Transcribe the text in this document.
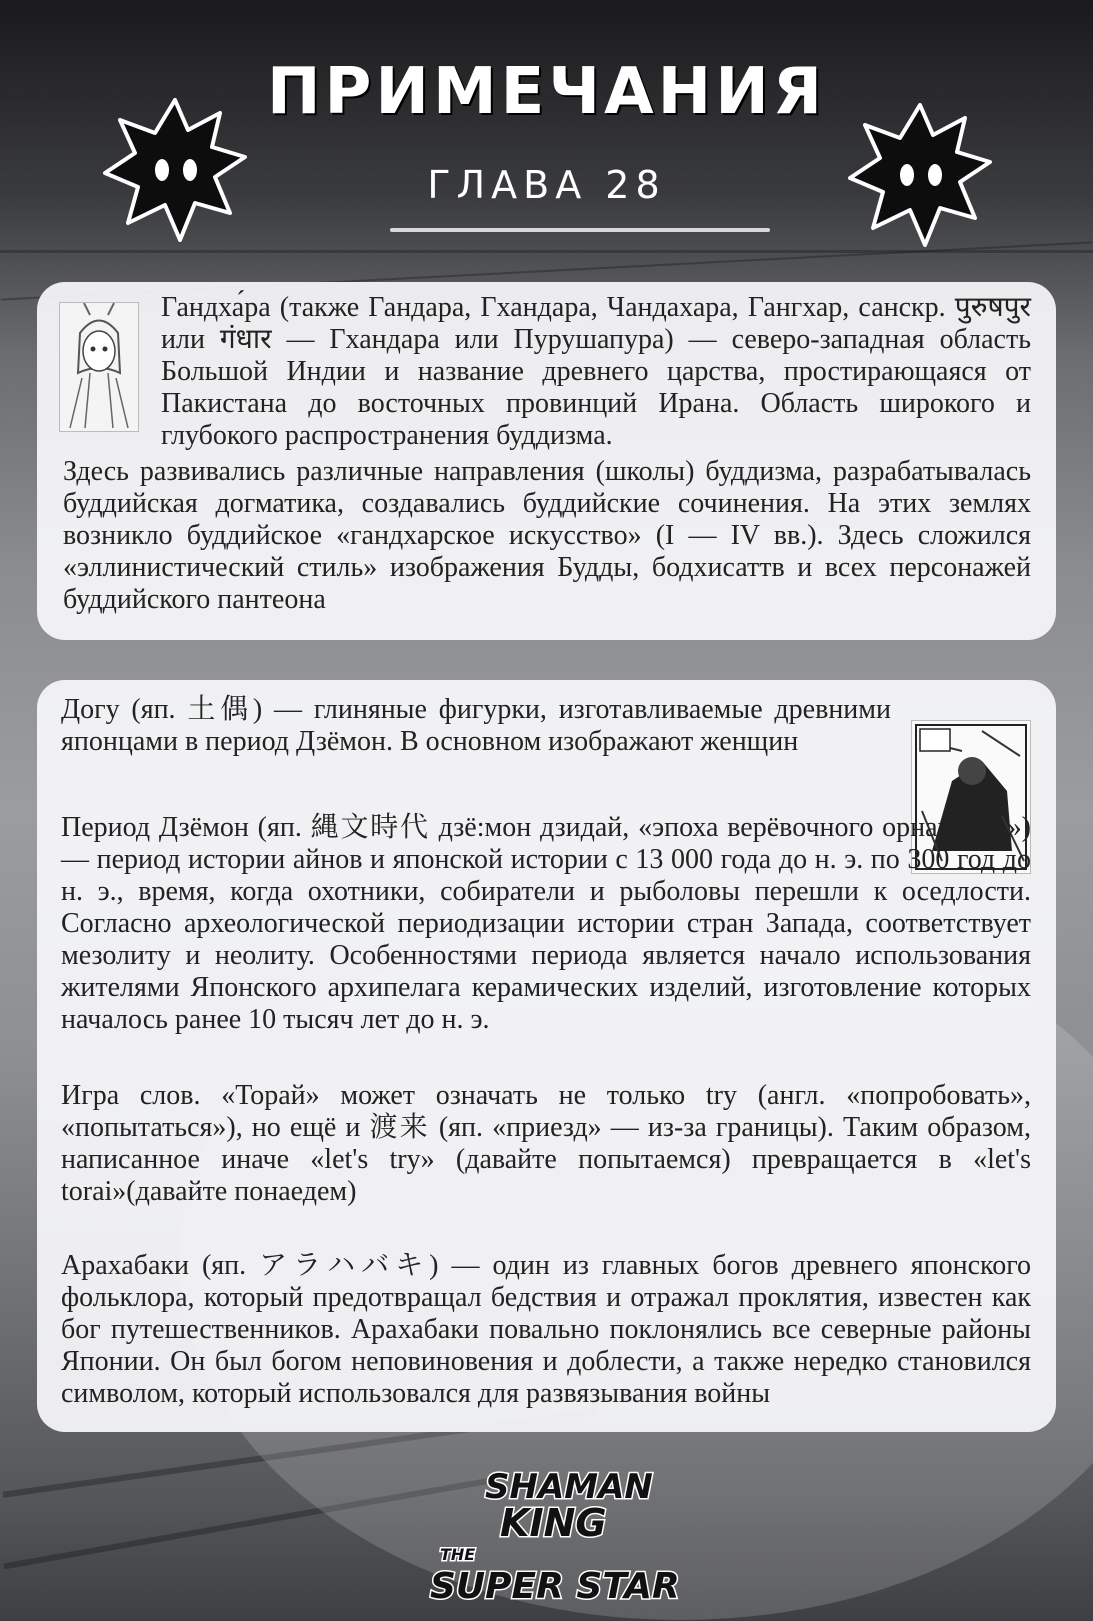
ПРИМЕЧАНИЯ
ГЛАВА 28

Гандха́ра (также Гандара, Гхандара, Чандахара, Гангхар, санскр. पुरुषपुर или गंधार — Гхандара или Пурушапура) — северо-западная область Большой Индии и название древнего царства, простирающаяся от Пакистана до восточных провинций Ирана. Область широкого и глубокого распространения буддизма.

Здесь развивались различные направления (школы) буддизма, разрабатывалась буддийская догматика, создавались буддийские сочинения. На этих землях возникло буддийское «гандхарское искусство» (I — IV вв.). Здесь сложился «эллинистический стиль» изображения Будды, бодхисаттв и всех персонажей буддийского пантеона

Догу (яп. 土偶) — глиняные фигурки, изготавливаемые древними японцами в период Дзёмон. В основном изображают женщин

Период Дзёмон (яп. 縄文時代 дзё:мон дзидай, «эпоха верёвочного орнамента») — период истории айнов и японской истории с 13 000 года до н. э. по 300 год до н. э., время, когда охотники, собиратели и рыболовы перешли к оседлости. Согласно археологической периодизации истории стран Запада, соответствует мезолиту и неолиту. Особенностями периода является начало использования жителями Японского архипелага керамических изделий, изготовление которых началось ранее 10 тысяч лет до н. э.

Игра слов. «Торай» может означать не только try (англ. «попробовать», «попытаться»), но ещё и 渡来 (яп. «приезд» — из-за границы). Таким образом, написанное иначе «let's try» (давайте попытаемся) превращается в «let's torai»(давайте понаедем)

Арахабаки (яп. アラハバキ) — один из главных богов древнего японского фольклора, который предотвращал бедствия и отражал проклятия, известен как бог путешественников. Арахабаки повально поклонялись все северные районы Японии. Он был богом неповиновения и доблести, а также нередко становился символом, который использовался для развязывания войны

SHAMAN
KING
THE
SUPER STAR
